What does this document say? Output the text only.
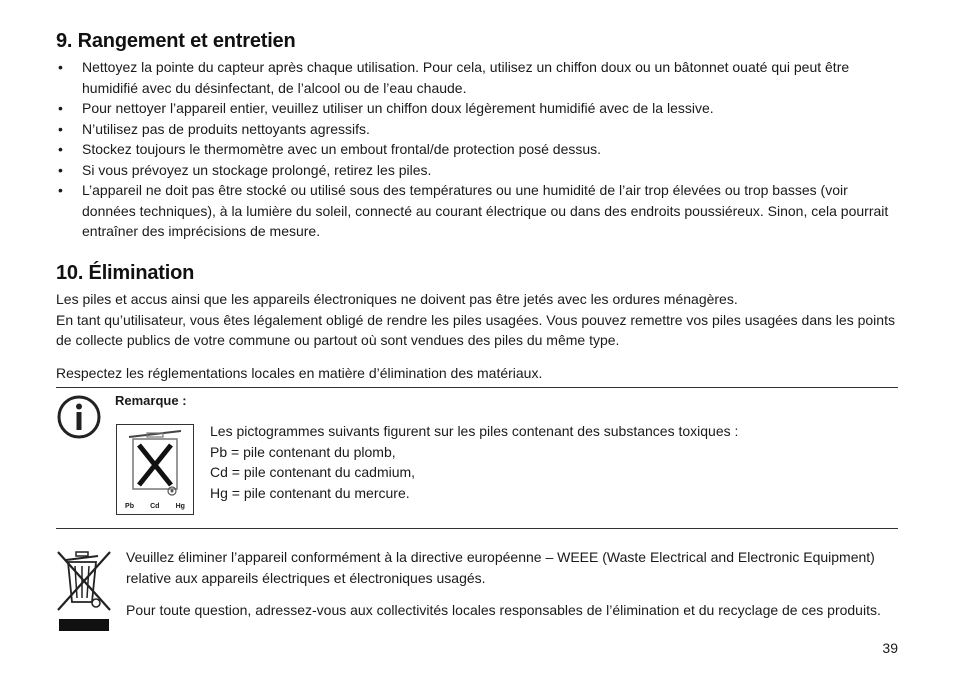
9. Rangement et entretien
• Nettoyez la pointe du capteur après chaque utilisation. Pour cela, utilisez un chiffon doux ou un bâtonnet ouaté qui peut être humidifié avec du désinfectant, de l’alcool ou de l’eau chaude.
• Pour nettoyer l’appareil entier, veuillez utiliser un chiffon doux légèrement humidifié avec de la lessive.
• N’utilisez pas de produits nettoyants agressifs.
• Stockez toujours le thermomètre avec un embout frontal/de protection posé dessus.
• Si vous prévoyez un stockage prolongé, retirez les piles.
• L’appareil ne doit pas être stocké ou utilisé sous des températures ou une humidité de l’air trop élevées ou trop basses (voir données techniques), à la lumière du soleil, connecté au courant électrique ou dans des endroits poussiéreux. Sinon, cela pourrait entraîner des imprécisions de mesure.
10. Élimination

Les piles et accus ainsi que les appareils électroniques ne doivent pas être jetés avec les ordures ménagères.

En tant qu’utilisateur, vous êtes légalement obligé de rendre les piles usagées. Vous pouvez remettre vos piles usagées dans les points de collecte publics de votre commune ou partout où sont vendues des piles du même type.

Respectez les réglementations locales en matière d’élimination des matériaux.

Remarque :
Pb Cd Hg

Les pictogrammes suivants figurent sur les piles contenant des substances toxiques :

Pb = pile contenant du plomb,

Cd = pile contenant du cadmium,

Hg = pile contenant du mercure.

Veuillez éliminer l’appareil conformément à la directive européenne – WEEE (Waste Electrical and Electronic Equipment) relative aux appareils électriques et électroniques usagés.

Pour toute question, adressez-vous aux collectivités locales responsables de l’élimination et du recyclage de ces produits.

39
